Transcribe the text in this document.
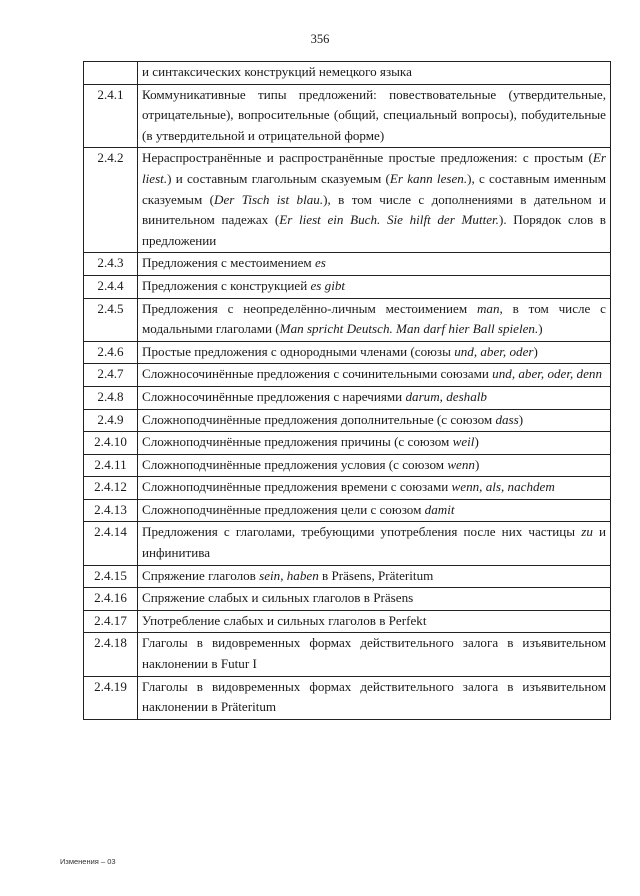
356
	и синтаксических конструкций немецкого языка
2.4.1	Коммуникативные типы предложений: повествовательные (утвердительные, отрицательные), вопросительные (общий, специальный вопросы), побудительные (в утвердительной и отрицательной форме)
2.4.2	Нераспространённые и распространённые простые предложения: с простым (Er liest.) и составным глагольным сказуемым (Er kann lesen.), с составным именным сказуемым (Der Tisch ist blau.), в том числе с дополнениями в дательном и винительном падежах (Er liest ein Buch. Sie hilft der Mutter.). Порядок слов в предложении
2.4.3	Предложения с местоимением es
2.4.4	Предложения с конструкцией es gibt
2.4.5	Предложения с неопределённо-личным местоимением man, в том числе с модальными глаголами (Man spricht Deutsch. Man darf hier Ball spielen.)
2.4.6	Простые предложения с однородными членами (союзы und, aber, oder)
2.4.7	Сложносочинённые предложения с сочинительными союзами und, aber, oder, denn
2.4.8	Сложносочинённые предложения с наречиями darum, deshalb
2.4.9	Сложноподчинённые предложения дополнительные (с союзом dass)
2.4.10	Сложноподчинённые предложения причины (с союзом weil)
2.4.11	Сложноподчинённые предложения условия (с союзом wenn)
2.4.12	Сложноподчинённые предложения времени с союзами wenn, als, nachdem
2.4.13	Сложноподчинённые предложения цели с союзом damit
2.4.14	Предложения с глаголами, требующими употребления после них частицы zu и инфинитива
2.4.15	Спряжение глаголов sein, haben в Präsens, Präteritum
2.4.16	Спряжение слабых и сильных глаголов в Präsens
2.4.17	Употребление слабых и сильных глаголов в Perfekt
2.4.18	Глаголы в видовременных формах действительного залога в изъявительном наклонении в Futur I
2.4.19	Глаголы в видовременных формах действительного залога в изъявительном наклонении в Präteritum
Изменения – 03
